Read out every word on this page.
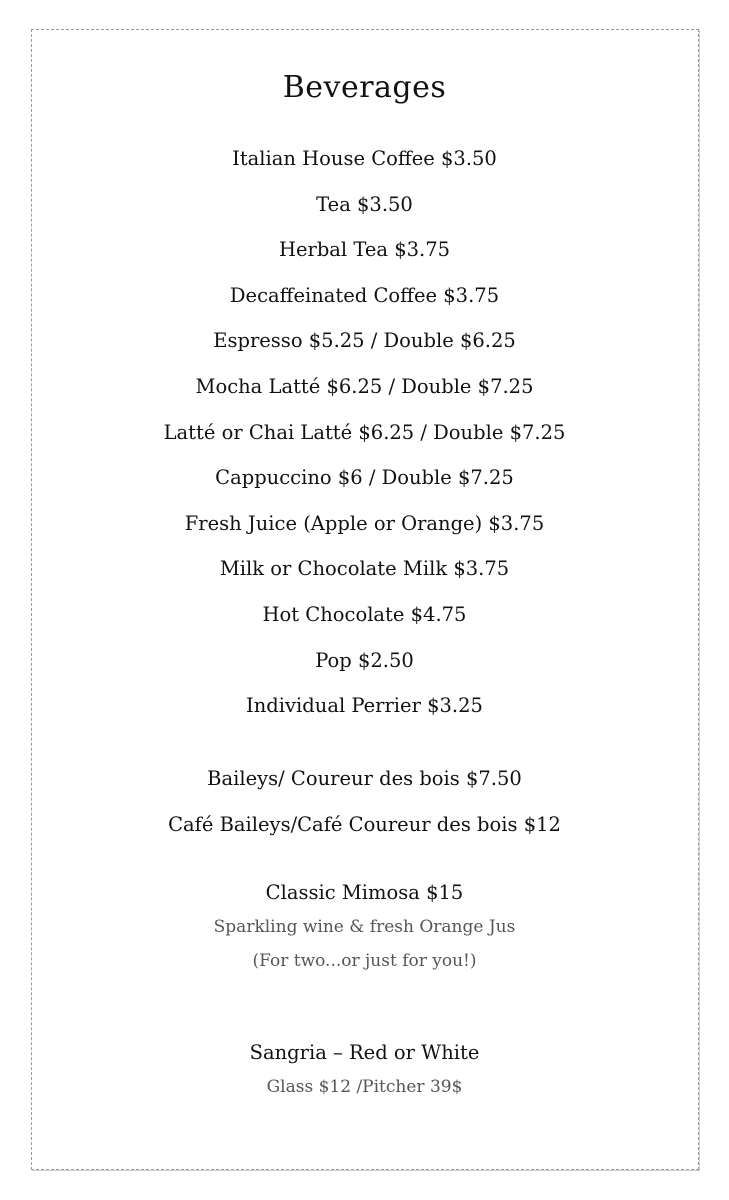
Beverages
Italian House Coffee $3.50
Tea $3.50
Herbal Tea $3.75
Decaffeinated Coffee $3.75
Espresso $5.25 / Double $6.25
Mocha Latté $6.25 / Double $7.25
Latté or Chai Latté $6.25 / Double $7.25
Cappuccino $6 / Double $7.25
Fresh Juice (Apple or Orange) $3.75
Milk or Chocolate Milk $3.75
Hot Chocolate $4.75
Pop $2.50
Individual Perrier $3.25
Baileys/ Coureur des bois $7.50
Café Baileys/Café Coureur des bois $12
Classic Mimosa $15
Sparkling wine & fresh Orange Jus
(For two...or just for you!)
Sangria – Red or White
Glass $12 /Pitcher 39$
